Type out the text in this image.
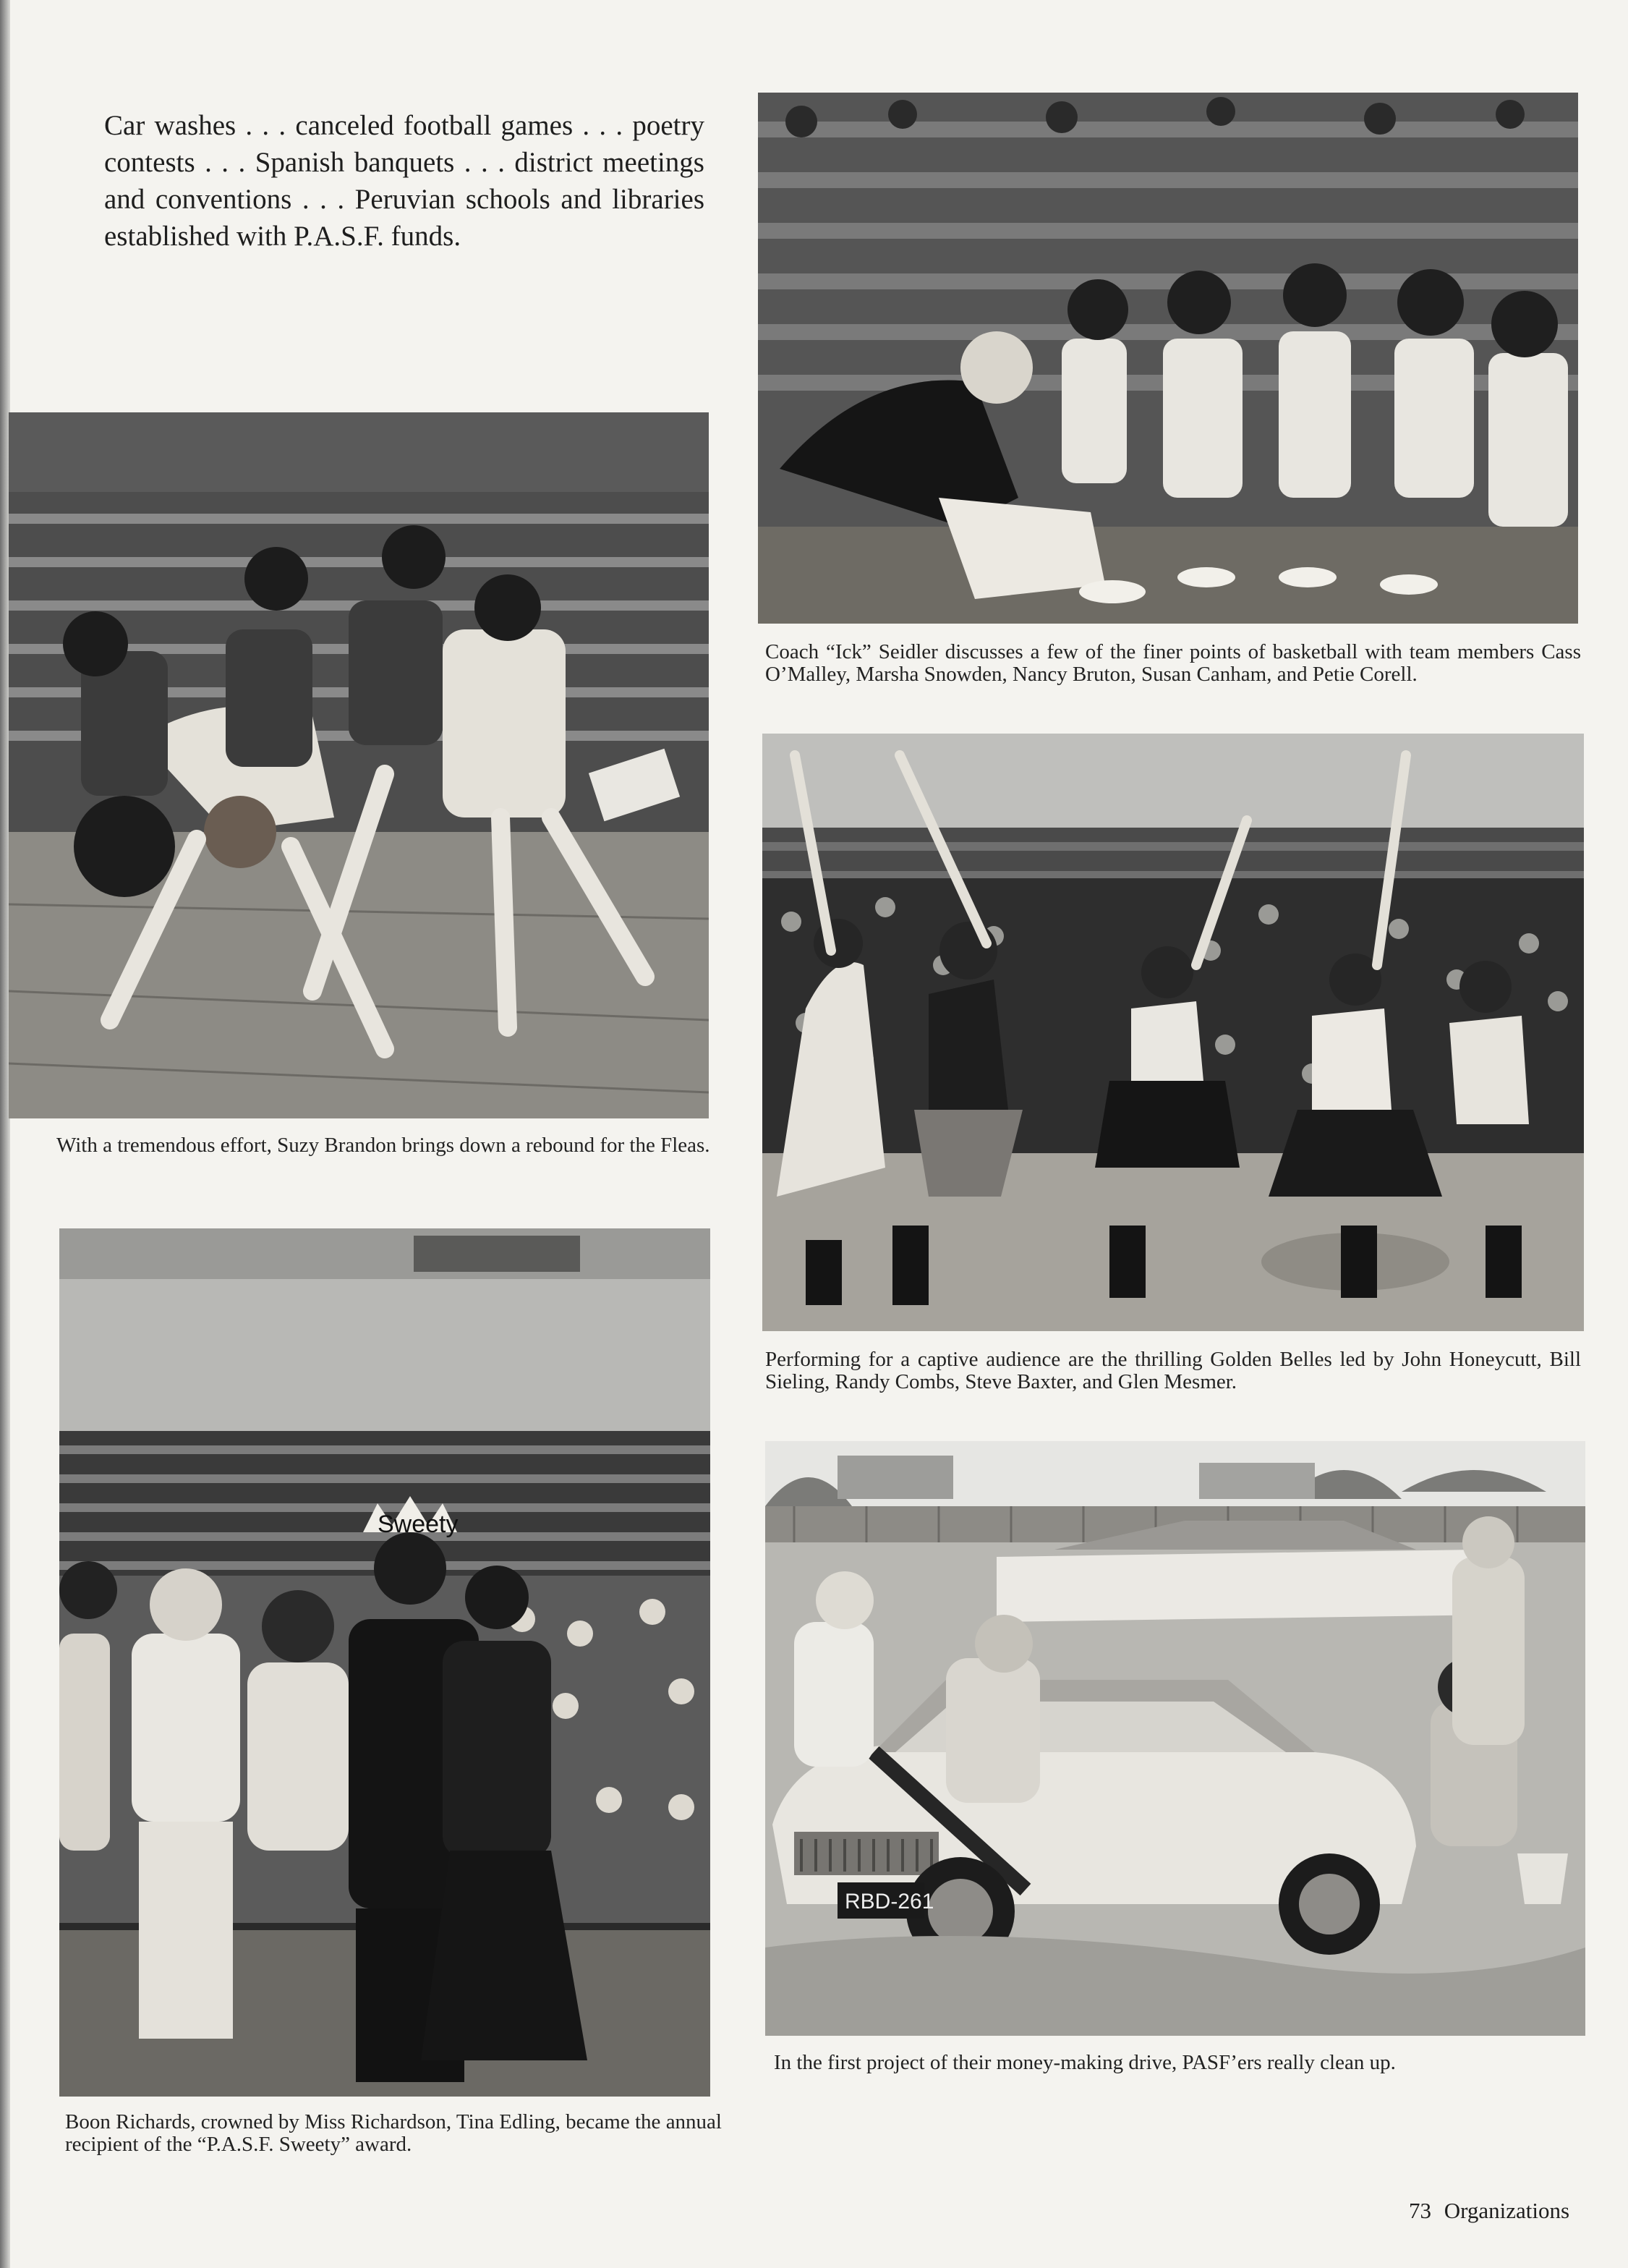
Car washes . . . canceled football games . . . poetry contests . . . Spanish banquets . . . district meetings and conventions . . . Peruvian schools and libraries established with P.A.S.F. funds.

Coach “Ick” Seidler discusses a few of the finer points of basketball with team members Cass O’Malley, Marsha Snowden, Nancy Bruton, Susan Canham, and Petie Corell.

With a tremendous effort, Suzy Brandon brings down a rebound for the Fleas.

Performing for a captive audience are the thrilling Golden Belles led by John Honeycutt, Bill Sieling, Randy Combs, Steve Baxter, and Glen Mesmer.

Sweety

Boon Richards, crowned by Miss Richardson, Tina Edling, became the annual recipient of the “P.A.S.F. Sweety” award.

RBD-261

In the first project of their money-making drive, PASF’ers really clean up.

73 Organizations
